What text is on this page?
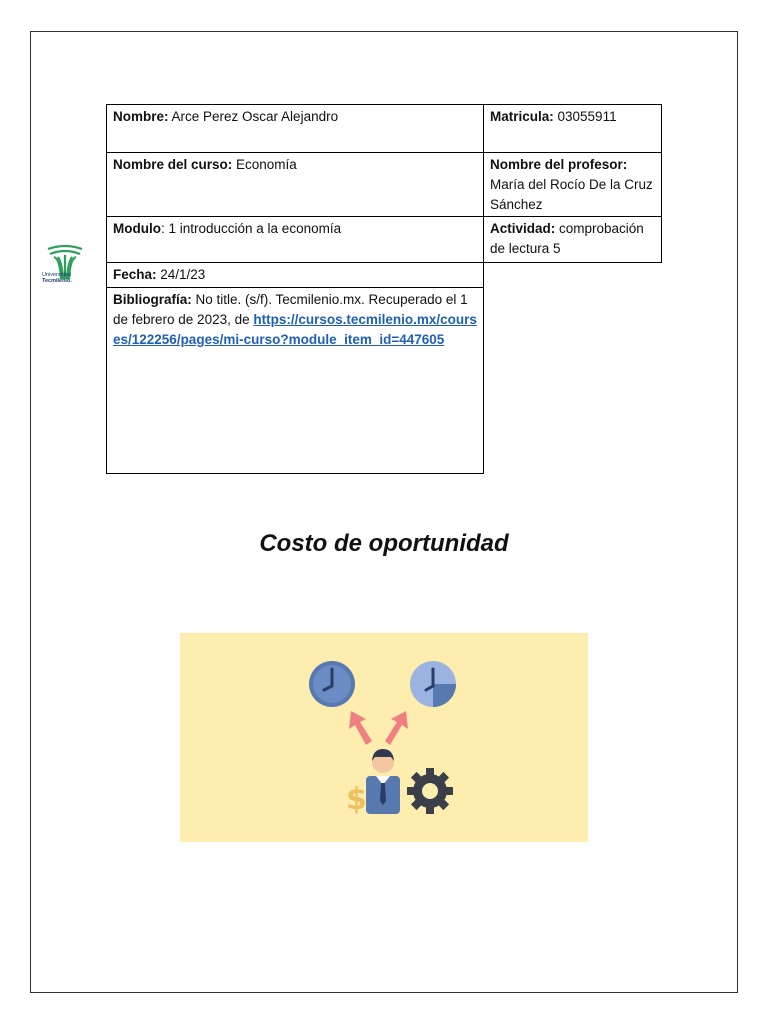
Universidad
Tecmilenio.
Nombre: Arce Perez Oscar Alejandro	Matricula: 03055911
Nombre del curso: Economía	Nombre del profesor:
María del Rocío De la Cruz Sánchez
Modulo: 1 introducción a la economía	Actividad: comprobación de lectura 5
Fecha: 24/1/23
Bibliografía: No title. (s/f). Tecmilenio.mx. Recuperado el 1 de febrero de 2023, de https://cursos.tecmilenio.mx/courses/122256/pages/mi-curso?module_item_id=447605
Costo de oportunidad
$
